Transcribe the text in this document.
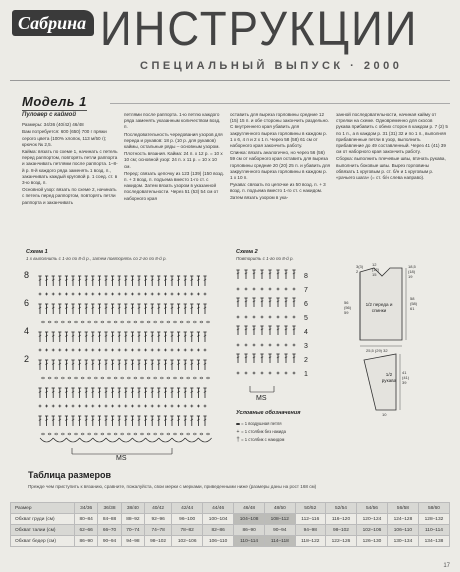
Сабрина ИНСТРУКЦИИ
СПЕЦИАЛЬНЫЙ ВЫПУСК · 2000
Модель 1
Пуловер с каймой

Размеры: 34/36 (40/42) 46/48

Вам потребуется: 600 (650) 700 г пряжи серого цвета (100% хлопок, 113 м/50 г); крючок № 2,5.

Кайма: вязать по схеме 1, начинать с петель перед раппортом, повторять петли раппорта и заканчивать петлями после раппорта. 1–8-й р. 8-й каждого ряда заменять 1 возд. п., заканчивать каждый круговой р. 1 соед. ст. в 3-ю возд. п.

Основной узор: вязать по схеме 2, начинать с петель перед раппортом, повторять петли раппорта и заканчивать

петлями после раппорта. 1-ю петлю каждого ряда заменять указанным количеством возд. п.

Последовательность чередования узоров для переда и рукавов: 18 р. (10 р. для рукавов) каймы, остальные ряды – основным узором.

Плотность вязания. Кайма: 24 п. х 12 р. = 10 х 10 см; основной узор: 24 п. х 11 р. = 10 х 10 см.

Перед: связать цепочку из 123 (139) (150 возд. п. + 3 возд. п. подъема вместо 1-го ст. с накидом. Затем вязать узором в указанной последовательности. Через 51 (53) 54 см от наборного края

оставить для выреза горловины средние 12 (15) 15 п. и обе стороны закончить раздельно. С внутреннего края убавить для закругленного выреза горловины в каждом р. 1 х 6, 4 п и 2 х 1 п. Через 58 (58) 61 см от наборного края закончить работу.

Спинка: вязать аналогично, но через 56 (56) 59 см от наборного края оставить для выреза горловины средние 20 (20) 25 п. и убавить для закругленного выреза горловины в каждом р. 1 х 10 п.

Рукава: связать по цепочке из 50 возд. п. + 3 возд. п. подъема вместо 1-го ст. с накидом. Затем вязать узором в ука-

занной последовательности, начиная кайму от стрелки на схеме. Одновременно для скосов рукава прибавить с обеих сторон в каждом р. 7 (2) 5 по 1 п., а в каждом р. 31 (31) 32 и по 1 п., выполняя прибавленные петли в узор, выполнить прибавление до 49 составленный. Через 41 (41) 39 см от наборного края закончить работу.

Сборка: выполнить плечевые швы, втачать рукава, выполнить боковые швы. Вырез горловины обвязать 1 круговым р. ст. б/н и 1 круговым р. «рачьего шага» (= ст. б/н слева направо).

Схема 1
1 х выполнить с 1-го по 8-й р., затем повторять со 2-го по 8-й р.
8
6
4
2
MS
Схема 2
Повторить с 1-го по 8-й р.
8
7
6
5
4
3
2
1
MS
1/2 переда и спинки
1/2 рукава
18,5
(18)
19
3(3)
2
12
(12)
15
58
(58)
61
56
(56)
59
25,5 (29) 32
41
(41)
39
10
Условные обозначения
= 1 воздушная петля
+ = 1 столбик без накида
† = 1 столбик с накидом
Таблица размеров
Прежде чем приступить к вязанию, сравните, пожалуйста, свои мерки с мерками, приведенными ниже (размеры даны на рост 168 см)
Размер	34/36	36/38	38/40	40/42	42/44	44/46	46/48	48/50	50/52	52/54	54/56	56/58	58/60
Обхват груди (см)	80–84	84–88	88–92	92–96	96–100	100–104	104–108	108–112	112–116	116–120	120–124	124–128	128–132
Обхват талии (см)	62–66	66–70	70–74	74–78	78–82	82–86	86–90	90–94	94–98	98–102	102–106	106–110	110–114
Обхват бедер (см)	86–90	90–94	94–98	98–102	102–106	106–110	110–114	114–118	118–122	122–126	126–130	130–134	134–138
17
